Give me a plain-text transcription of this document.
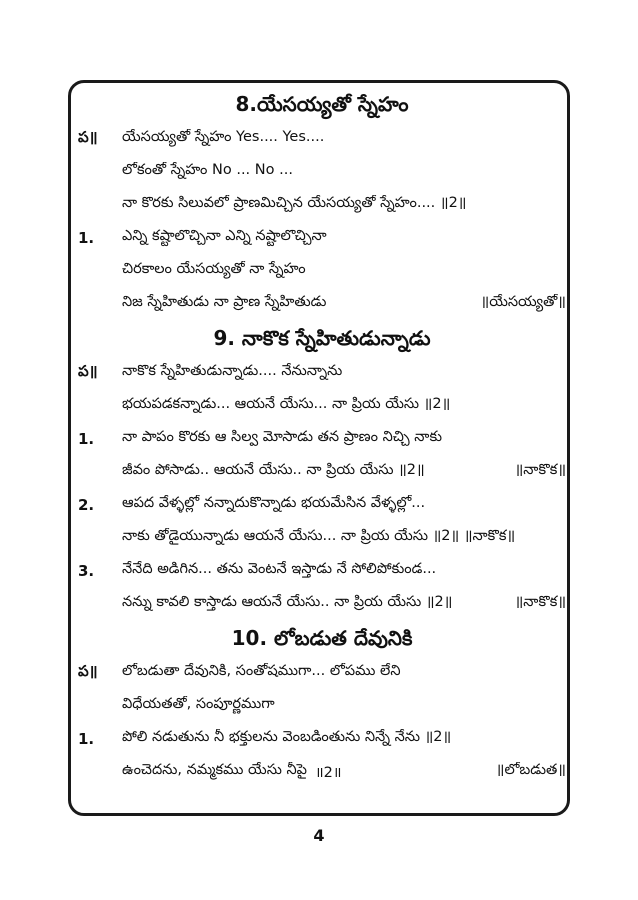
8.యేసయ్యతో స్నేహం
ప॥	యేసయ్యతో స్నేహం Yes.... Yes....
లోకంతో స్నేహం No ... No ...
నా కొరకు సిలువలో ప్రాణమిచ్చిన యేసయ్యతో స్నేహం.... ॥2॥
1.	ఎన్ని కష్టాలొచ్చినా ఎన్ని నష్టాలొచ్చినా
చిరకాలం యేసయ్యతో నా స్నేహం
నిజ స్నేహితుడు నా ప్రాణ స్నేహితుడు	॥యేసయ్యతో॥
9. నాకొక స్నేహితుడున్నాడు
ప॥	నాకొక స్నేహితుడున్నాడు.... నేనున్నాను
భయపడకన్నాడు... ఆయనే యేసు... నా ప్రియ యేసు ॥2॥
1.	నా పాపం కొరకు ఆ సిల్వ మోసాడు తన ప్రాణం నిచ్చి నాకు
జీవం పోసాడు.. ఆయనే యేసు.. నా ప్రియ యేసు ॥2॥	॥నాకొక॥
2.	ఆపద వేళ్ళల్లో నన్నాదుకొన్నాడు భయమేసిన వేళ్ళల్లో...
నాకు తోడైయున్నాడు ఆయనే యేసు... నా ప్రియ యేసు ॥2॥ ॥నాకొక॥
3.	నేనేది అడిగిన... తను వెంటనే ఇస్తాడు నే సోలిపోకుండ...
నన్ను కావలి కాస్తాడు ఆయనే యేసు.. నా ప్రియ యేసు ॥2॥	॥నాకొక॥
10. లోబడుత దేవునికి
ప॥	లోబడుతా దేవునికి, సంతోషముగా... లోపము లేని
విధేయతతో, సంపూర్ణముగా
1.	పోలి నడుతును నీ భక్తులను వెంబడింతును నిన్నే నేను ॥2॥
ఉంచెదను, నమ్మకము యేసు నీపై ॥2॥	॥లోబడుత॥
4
